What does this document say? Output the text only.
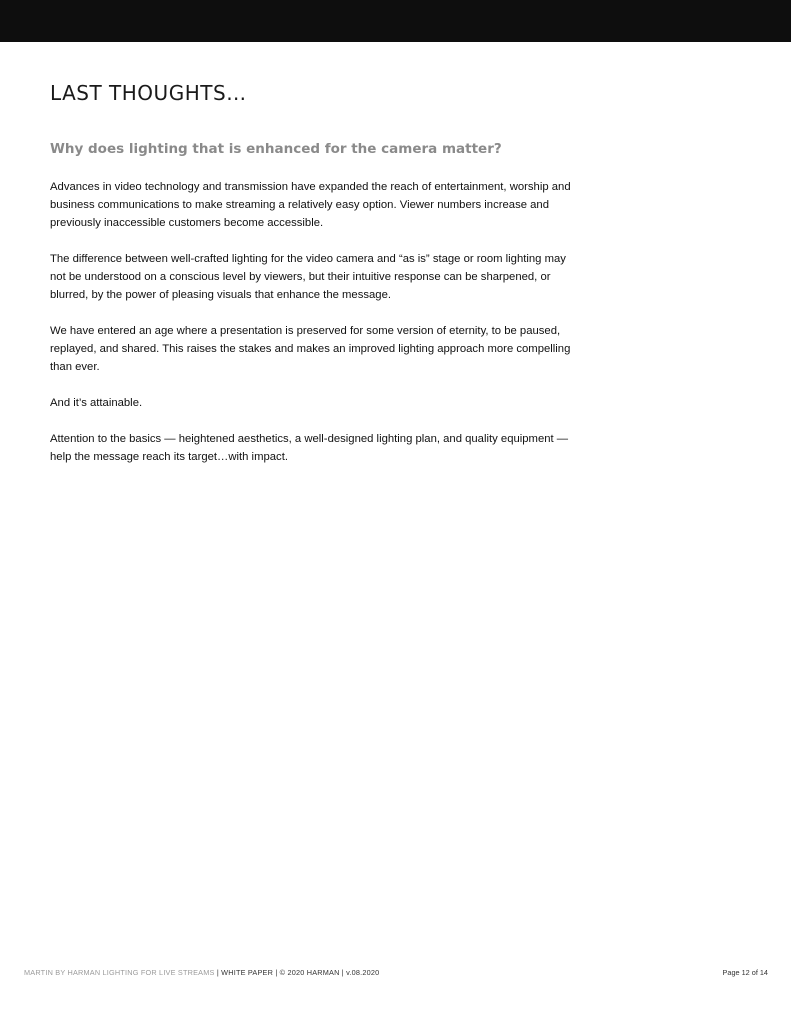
LAST THOUGHTS…
Why does lighting that is enhanced for the camera matter?

Advances in video technology and transmission have expanded the reach of entertainment, worship and business communications to make streaming a relatively easy option. Viewer numbers increase and previously inaccessible customers become accessible.

The difference between well-crafted lighting for the video camera and “as is” stage or room lighting may not be understood on a conscious level by viewers, but their intuitive response can be sharpened, or blurred, by the power of pleasing visuals that enhance the message.

We have entered an age where a presentation is preserved for some version of eternity, to be paused, replayed, and shared. This raises the stakes and makes an improved lighting approach more compelling than ever.

And it’s attainable.

Attention to the basics — heightened aesthetics, a well-designed lighting plan, and quality equipment — help the message reach its target…with impact.

MARTIN BY HARMAN LIGHTING FOR LIVE STREAMS | WHITE PAPER | © 2020 HARMAN | v.08.2020	Page 12 of 14
